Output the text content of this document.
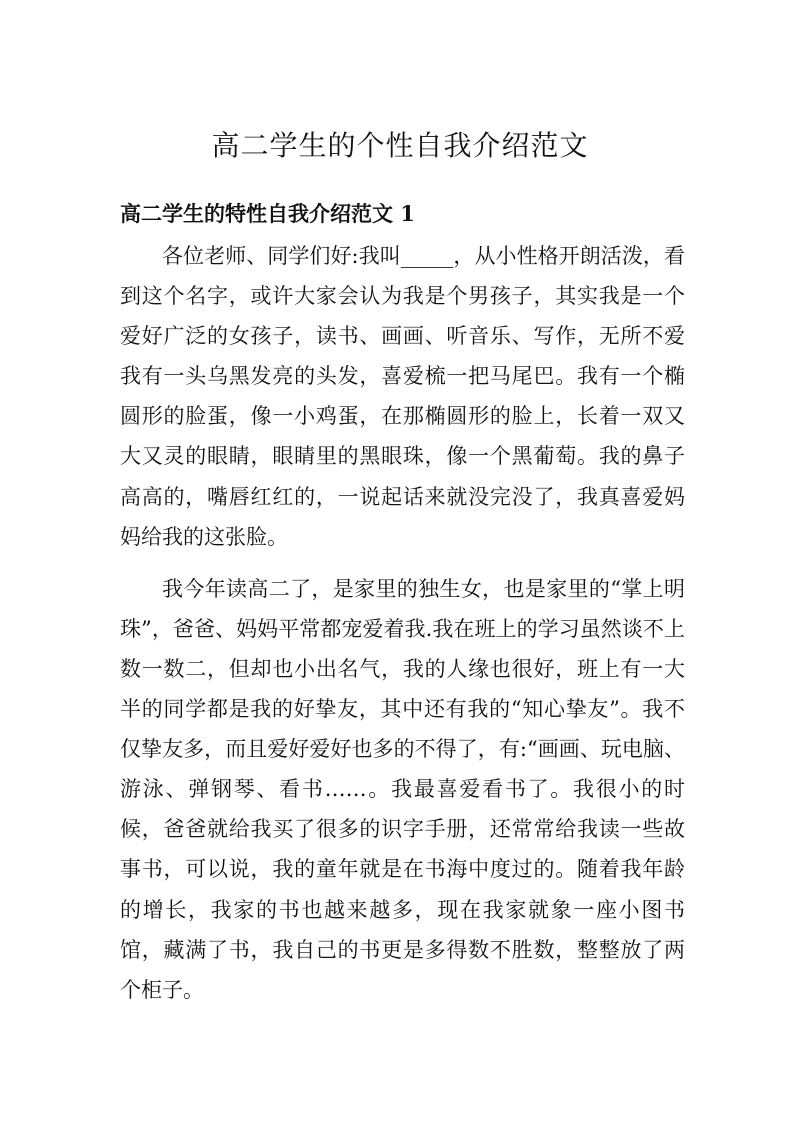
高二学生的个性自我介绍范文
高二学生的特性自我介绍范文 1

各位老师、同学们好:我叫_____，从小性格开朗活泼，看到这个名字，或许大家会认为我是个男孩子，其实我是一个爱好广泛的女孩子，读书、画画、听音乐、写作，无所不爱我有一头乌黑发亮的头发，喜爱梳一把马尾巴。我有一个椭圆形的脸蛋，像一小鸡蛋，在那椭圆形的脸上，长着一双又大又灵的眼睛，眼睛里的黑眼珠，像一个黑葡萄。我的鼻子高高的，嘴唇红红的，一说起话来就没完没了，我真喜爱妈妈给我的这张脸。

我今年读高二了，是家里的独生女，也是家里的“掌上明珠”，爸爸、妈妈平常都宠爱着我.我在班上的学习虽然谈不上数一数二，但却也小出名气，我的人缘也很好，班上有一大半的同学都是我的好挚友，其中还有我的“知心挚友”。我不仅挚友多，而且爱好爱好也多的不得了，有:“画画、玩电脑、游泳、弹钢琴、看书……。我最喜爱看书了。我很小的时候，爸爸就给我买了很多的识字手册，还常常给我读一些故事书，可以说，我的童年就是在书海中度过的。随着我年龄的增长，我家的书也越来越多，现在我家就象一座小图书馆，藏满了书，我自己的书更是多得数不胜数，整整放了两个柜子。
